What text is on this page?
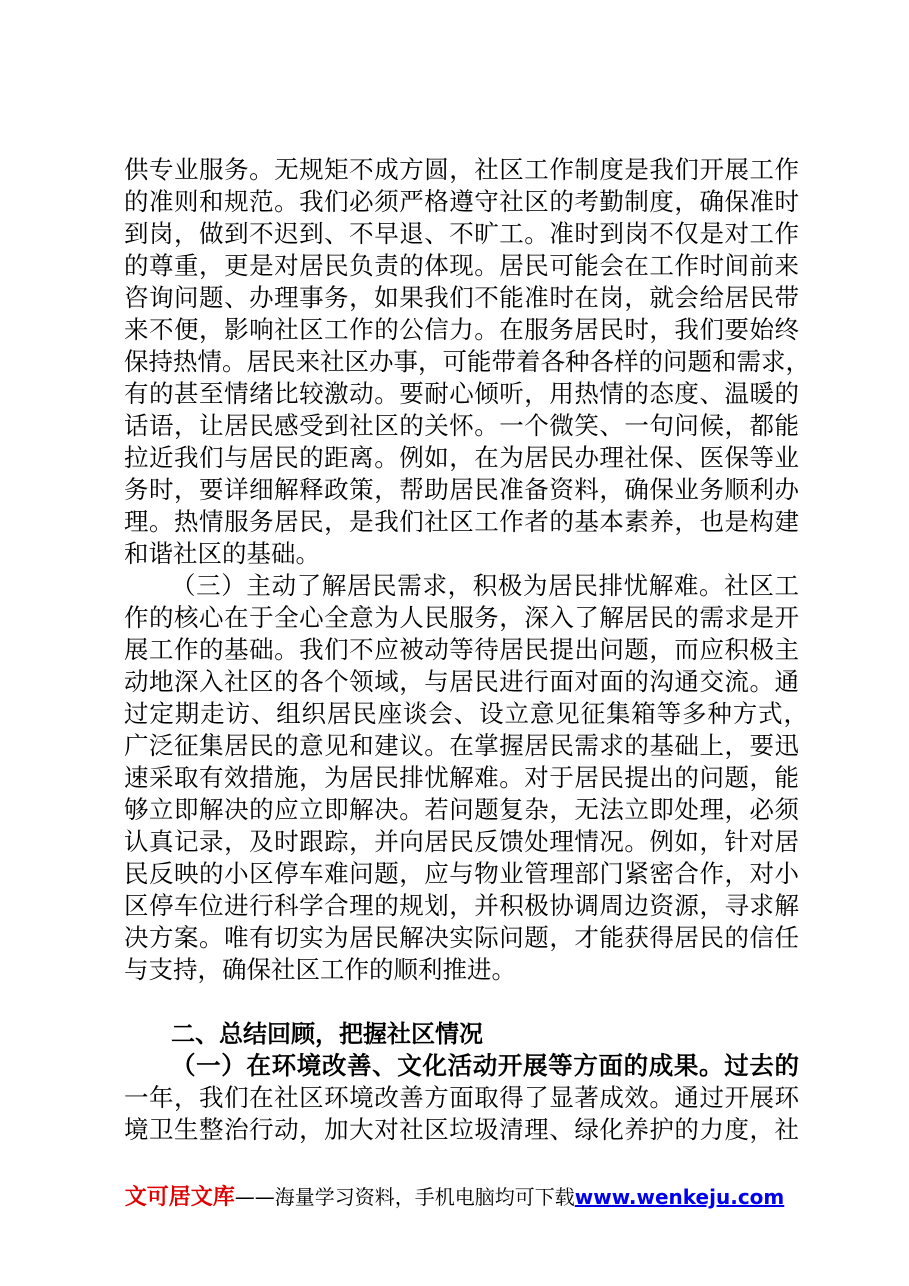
供专业服务。无规矩不成方圆，社区工作制度是我们开展工作
的准则和规范。我们必须严格遵守社区的考勤制度，确保准时
到岗，做到不迟到、不早退、不旷工。准时到岗不仅是对工作
的尊重，更是对居民负责的体现。居民可能会在工作时间前来
咨询问题、办理事务，如果我们不能准时在岗，就会给居民带
来不便，影响社区工作的公信力。在服务居民时，我们要始终
保持热情。居民来社区办事，可能带着各种各样的问题和需求，
有的甚至情绪比较激动。要耐心倾听，用热情的态度、温暖的
话语，让居民感受到社区的关怀。一个微笑、一句问候，都能
拉近我们与居民的距离。例如，在为居民办理社保、医保等业
务时，要详细解释政策，帮助居民准备资料，确保业务顺利办
理。热情服务居民，是我们社区工作者的基本素养，也是构建
和谐社区的基础。
（三）主动了解居民需求，积极为居民排忧解难。社区工
作的核心在于全心全意为人民服务，深入了解居民的需求是开
展工作的基础。我们不应被动等待居民提出问题，而应积极主
动地深入社区的各个领域，与居民进行面对面的沟通交流。通
过定期走访、组织居民座谈会、设立意见征集箱等多种方式，
广泛征集居民的意见和建议。在掌握居民需求的基础上，要迅
速采取有效措施，为居民排忧解难。对于居民提出的问题，能
够立即解决的应立即解决。若问题复杂，无法立即处理，必须
认真记录，及时跟踪，并向居民反馈处理情况。例如，针对居
民反映的小区停车难问题，应与物业管理部门紧密合作，对小
区停车位进行科学合理的规划，并积极协调周边资源，寻求解
决方案。唯有切实为居民解决实际问题，才能获得居民的信任
与支持，确保社区工作的顺利推进。
二、总结回顾，把握社区情况
（一）在环境改善、文化活动开展等方面的成果。过去的
一年，我们在社区环境改善方面取得了显著成效。通过开展环
境卫生整治行动，加大对社区垃圾清理、绿化养护的力度，社
文可居文库——海量学习资料，手机电脑均可下载www.wenkeju.com
